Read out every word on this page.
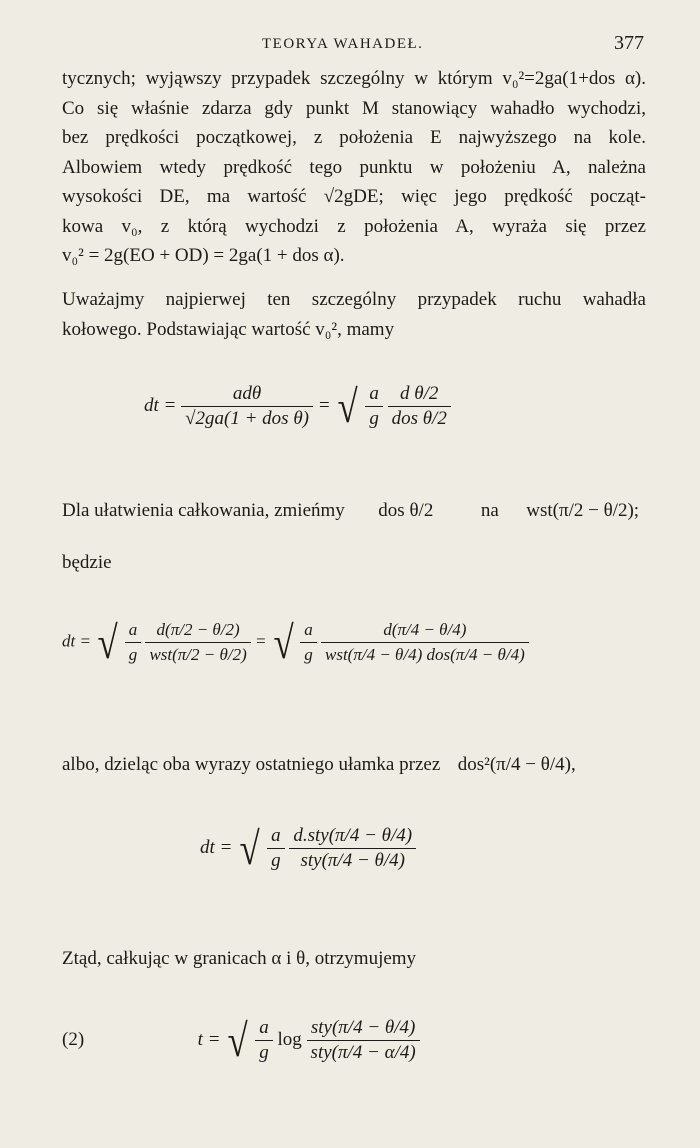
TEORYA WAHADEŁ.	377
tycznych; wyjąwszy przypadek szczególny w którym v₀²=2ga(1+dos α).
Co się właśnie zdarza gdy punkt M stanowiący wahadło wychodzi,
bez prędkości początkowej, z położenia E najwyższego na kole.
Albowiem wtedy prędkość tego punktu w położeniu A, należna
wysokości DE, ma wartość √2gDE; więc jego prędkość począt-
kowa v₀, z którą wychodzi z położenia A, wyraża się przez
v₀² = 2g(EO + OD) = 2ga(1 + dos α).
Uważajmy najpierwej ten szczególny przypadek ruchu wahadła
kołowego. Podstawiając wartość v₀², mamy
dt = $\frac{\text{adθ}}{\text{√2ga(1 + dos θ)}}$ = √ $\frac{a}{g}$
$\frac{\text{d θ/2}}{\text{dos θ/2}}$
Dla ułatwienia całkowania, zmieńmy dos θ/2	na wst(π/2 − θ/2);
będzie
dt = √ $\frac{a}{g}$
$\frac{d(\pi/2 - \theta/2)}{\text{wst(π/2 − θ/2)}}$ = √ $\frac{a}{g}$
$\frac{d(\pi/4 - \theta/4)}{\text{wst(π/4 − θ/4) dos(π/4 − θ/4)}}$
albo, dzieląc oba wyrazy ostatniego ułamka przez dos²(π/4 − θ/4),
dt = √ $\frac{a}{g}$
$\frac{\text{d.sty(π/4 − θ/4)}}{\text{sty(π/4 − θ/4)}}$
Ztąd, całkując w granicach α i θ, otrzymujemy
(2)	t = √ $\frac{a}{g}$ $\log \frac{\text{sty(π/4 − θ/4)}}{\text{sty(π/4 − α/4)}}$
